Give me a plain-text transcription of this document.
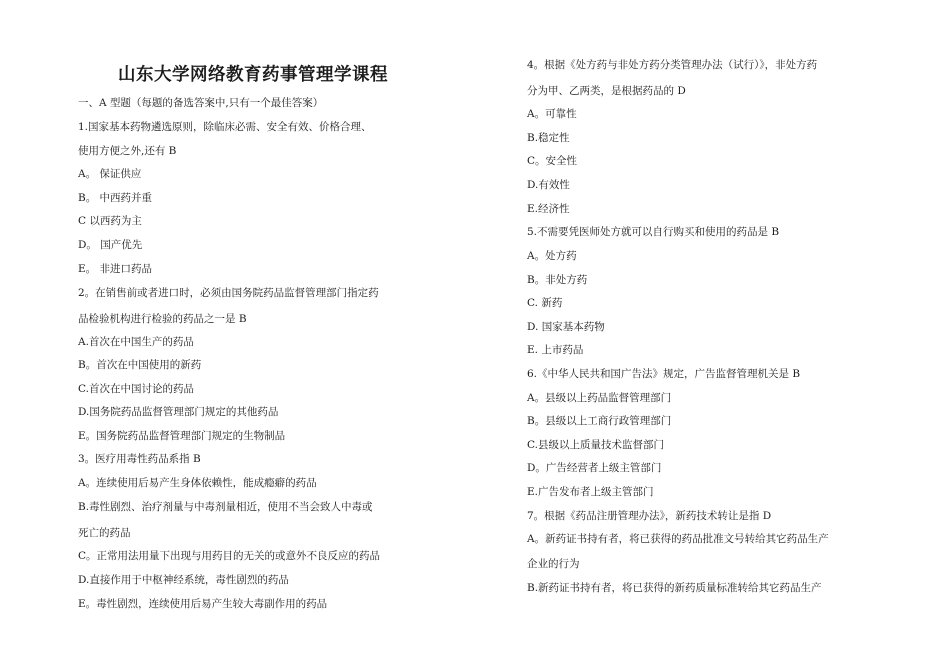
山东大学网络教育药事管理学课程
一、A 型题（每题的备选答案中,只有一个最佳答案）
1.国家基本药物遴选原则，除临床必需、安全有效、价格合理、
使用方便之外,还有 B
A。 保证供应
B。 中西药并重
C 以西药为主
D。 国产优先
E。 非进口药品
2。在销售前或者进口时，必须由国务院药品监督管理部门指定药
品检验机构进行检验的药品之一是 B
A.首次在中国生产的药品
B。首次在中国使用的新药
C.首次在中国讨论的药品
D.国务院药品监督管理部门规定的其他药品
E。国务院药品监督管理部门规定的生物制品
3。医疗用毒性药品系指 B
A。连续使用后易产生身体依赖性，能成瘾癖的药品
B.毒性剧烈、治疗剂量与中毒剂量相近，使用不当会致人中毒或
死亡的药品
C。正常用法用量下出现与用药目的无关的或意外不良反应的药品
D.直接作用于中枢神经系统，毒性剧烈的药品
E。毒性剧烈，连续使用后易产生较大毒副作用的药品
4。根据《处方药与非处方药分类管理办法（试行）》，非处方药
分为甲、乙两类，是根据药品的 D
A。可靠性
B.稳定性
C。安全性
D.有效性
E.经济性
5.不需要凭医师处方就可以自行购买和使用的药品是 B
A。处方药
B。非处方药
C. 新药
D. 国家基本药物
E. 上市药品
6.《中华人民共和国广告法》规定，广告监督管理机关是 B
A。县级以上药品监督管理部门
B。县级以上工商行政管理部门
C.县级以上质量技术监督部门
D。广告经营者上级主管部门
E.广告发布者上级主管部门
7。根据《药品注册管理办法》，新药技术转让是指 D
A。新药证书持有者，将已获得的药品批准文号转给其它药品生产
企业的行为
B.新药证书持有者，将已获得的新药质量标准转给其它药品生产
